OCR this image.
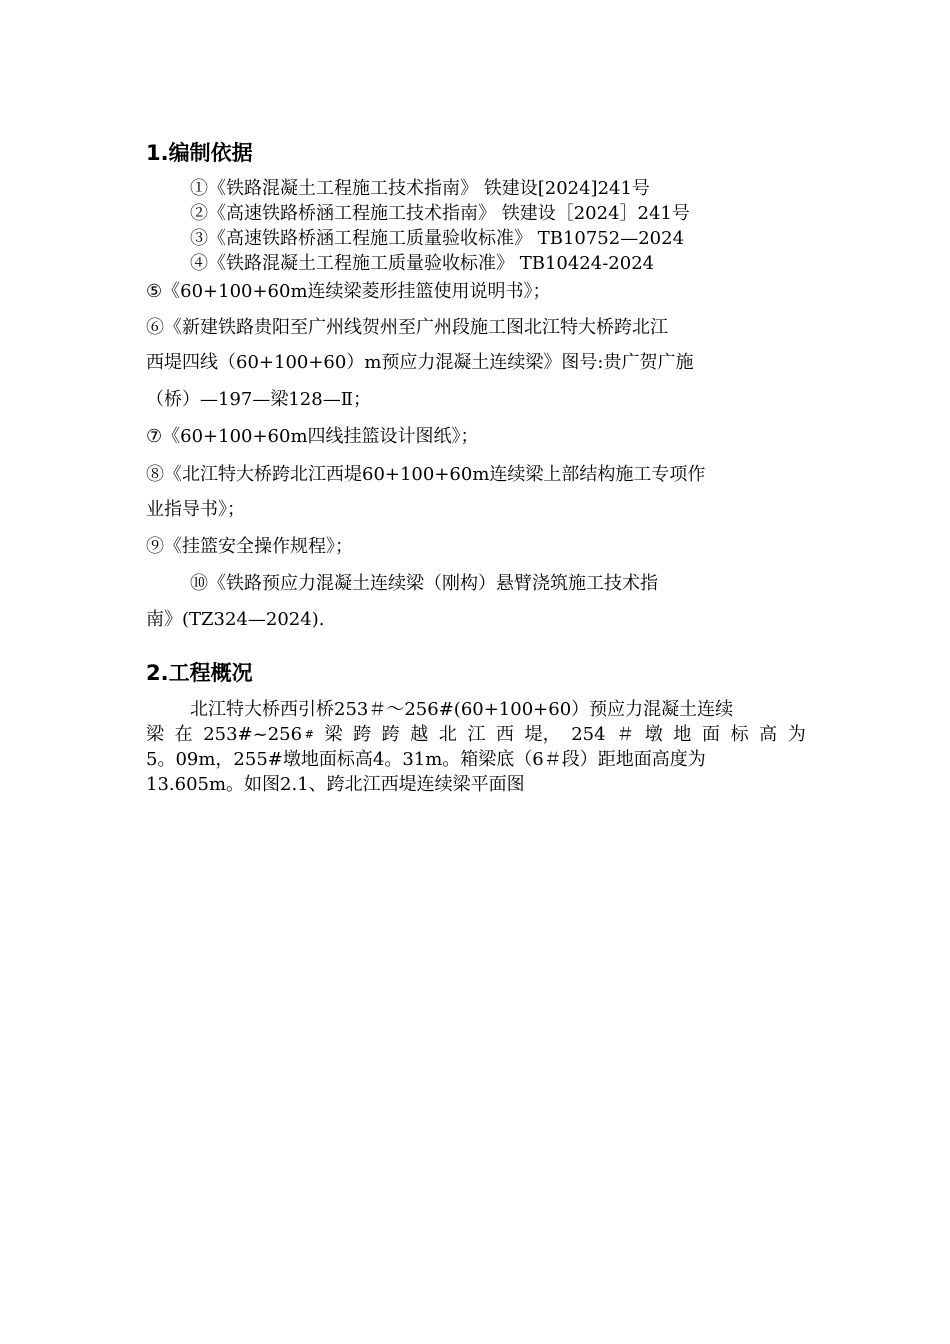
1.编制依据
①《铁路混凝土工程施工技术指南》 铁建设[2024]241号
②《高速铁路桥涵工程施工技术指南》 铁建设［2024］241号
③《高速铁路桥涵工程施工质量验收标准》 TB10752—2024
④《铁路混凝土工程施工质量验收标准》 TB10424-2024
⑤《60+100+60m连续梁菱形挂篮使用说明书》；
⑥《新建铁路贵阳至广州线贺州至广州段施工图北江特大桥跨北江
西堤四线（60+100+60）m预应力混凝土连续梁》图号:贵广贺广施
（桥）—197—梁128—Ⅱ；
⑦《60+100+60m四线挂篮设计图纸》；
⑧《北江特大桥跨北江西堤60+100+60m连续梁上部结构施工专项作
业指导书》；
⑨《挂篮安全操作规程》；
⑩《铁路预应力混凝土连续梁（刚构）悬臂浇筑施工技术指
南》(TZ324—2024).
2.工程概况
北江特大桥西引桥253＃～256#(60+100+60）预应力混凝土连续
梁 在 253#~256 # 梁 跨 跨 越 北 江 西 堤， 254 ＃ 墩 地 面 标 高 为
5。09m，255#墩地面标高4。31m。箱梁底（6＃段）距地面高度为
13.605m。如图2.1、跨北江西堤连续梁平面图
